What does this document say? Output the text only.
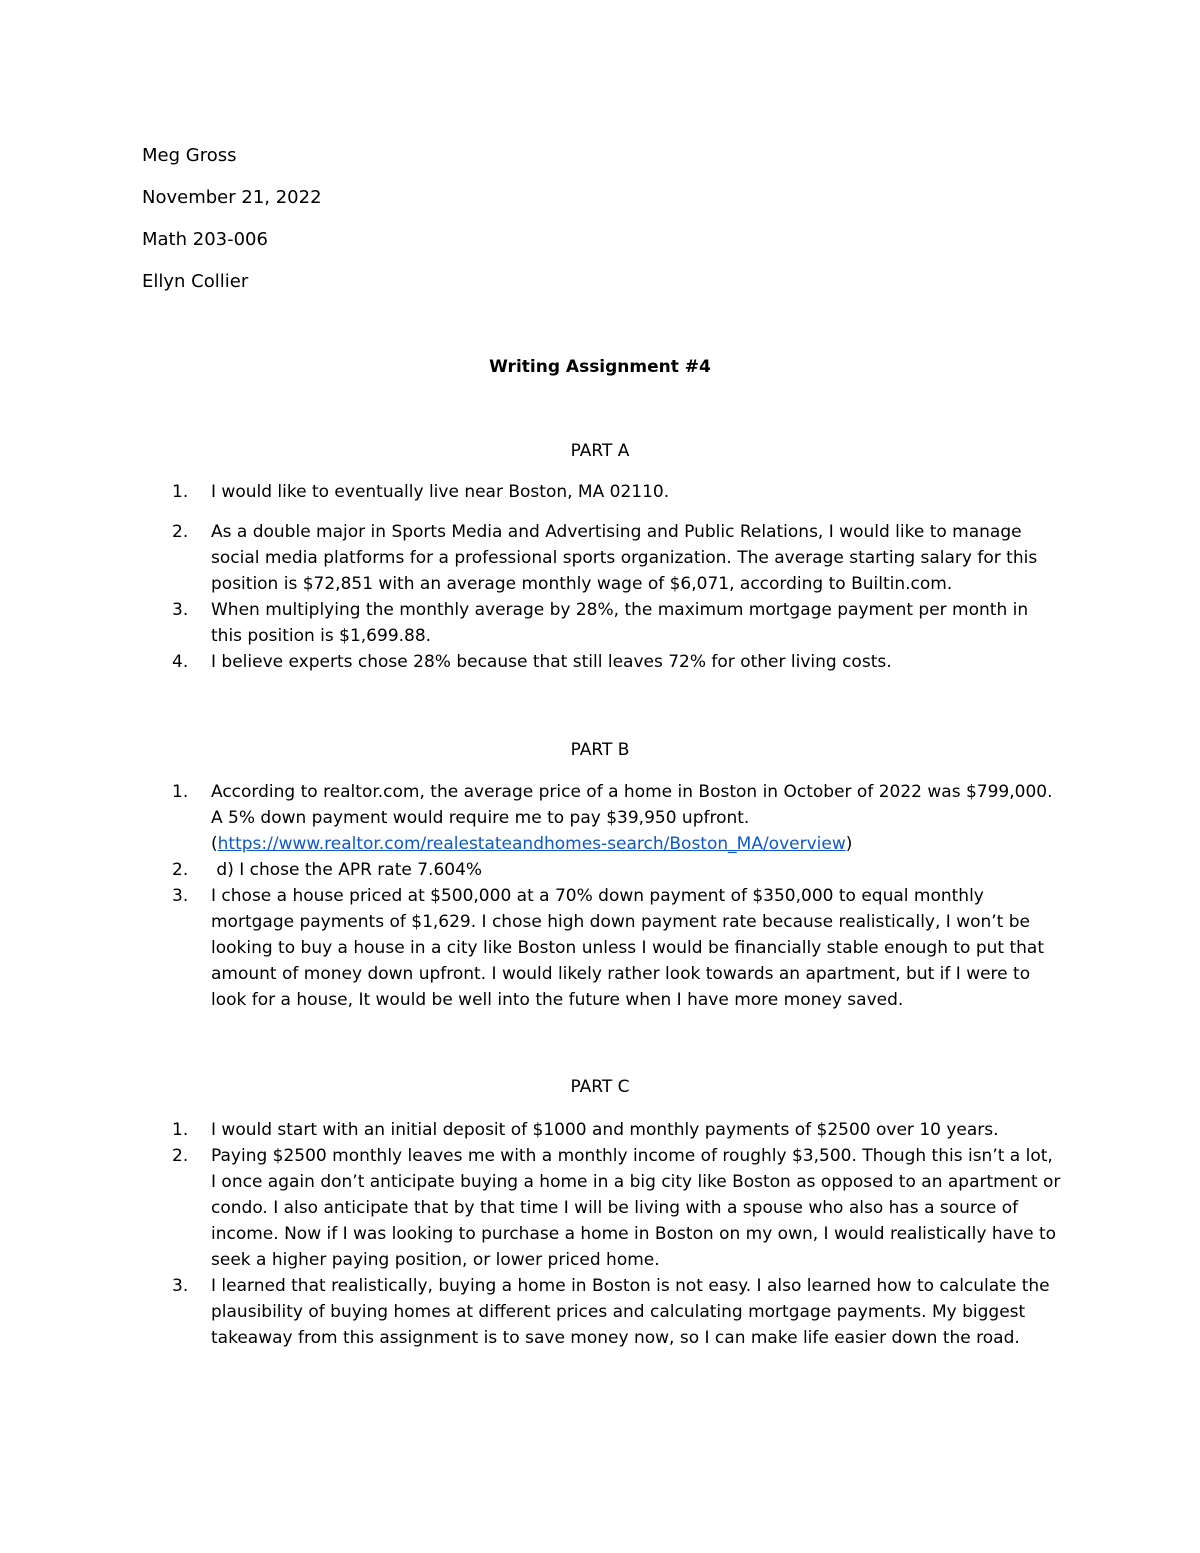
Meg Gross
November 21, 2022
Math 203-006
Ellyn Collier
Writing Assignment #4
PART A
1. I would like to eventually live near Boston, MA 02110.
2. As a double major in Sports Media and Advertising and Public Relations, I would like to manage social media platforms for a professional sports organization. The average starting salary for this position is $72,851 with an average monthly wage of $6,071, according to Builtin.com.
3. When multiplying the monthly average by 28%, the maximum mortgage payment per month in this position is $1,699.88.
4. I believe experts chose 28% because that still leaves 72% for other living costs.
PART B
1. According to realtor.com, the average price of a home in Boston in October of 2022 was $799,000. A 5% down payment would require me to pay $39,950 upfront.
(https://www.realtor.com/realestateandhomes-search/Boston_MA/overview)
2. d) I chose the APR rate 7.604%
3. I chose a house priced at $500,000 at a 70% down payment of $350,000 to equal monthly mortgage payments of $1,629. I chose high down payment rate because realistically, I won’t be looking to buy a house in a city like Boston unless I would be financially stable enough to put that amount of money down upfront. I would likely rather look towards an apartment, but if I were to look for a house, It would be well into the future when I have more money saved.
PART C
1. I would start with an initial deposit of $1000 and monthly payments of $2500 over 10 years.
2. Paying $2500 monthly leaves me with a monthly income of roughly $3,500. Though this isn’t a lot, I once again don’t anticipate buying a home in a big city like Boston as opposed to an apartment or condo. I also anticipate that by that time I will be living with a spouse who also has a source of income. Now if I was looking to purchase a home in Boston on my own, I would realistically have to seek a higher paying position, or lower priced home.
3. I learned that realistically, buying a home in Boston is not easy. I also learned how to calculate the plausibility of buying homes at different prices and calculating mortgage payments. My biggest takeaway from this assignment is to save money now, so I can make life easier down the road.
